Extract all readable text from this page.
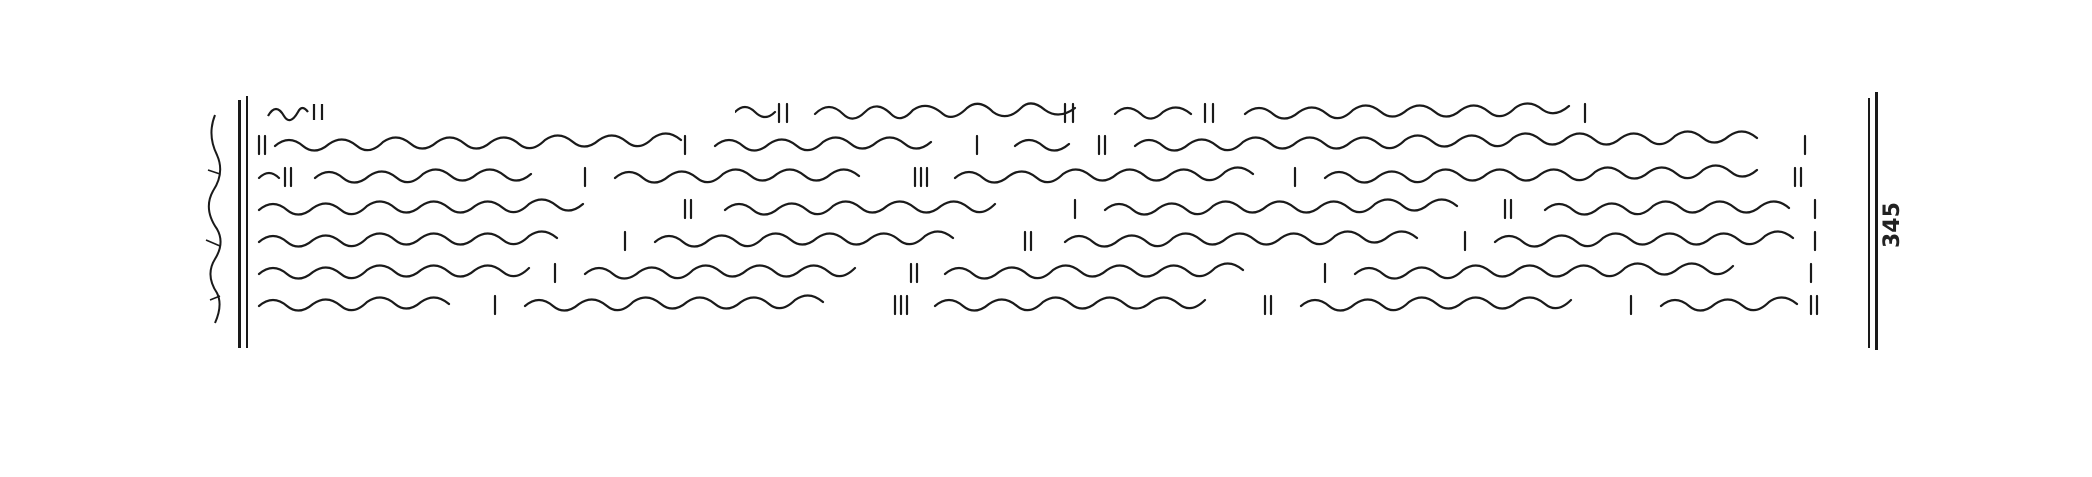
345
